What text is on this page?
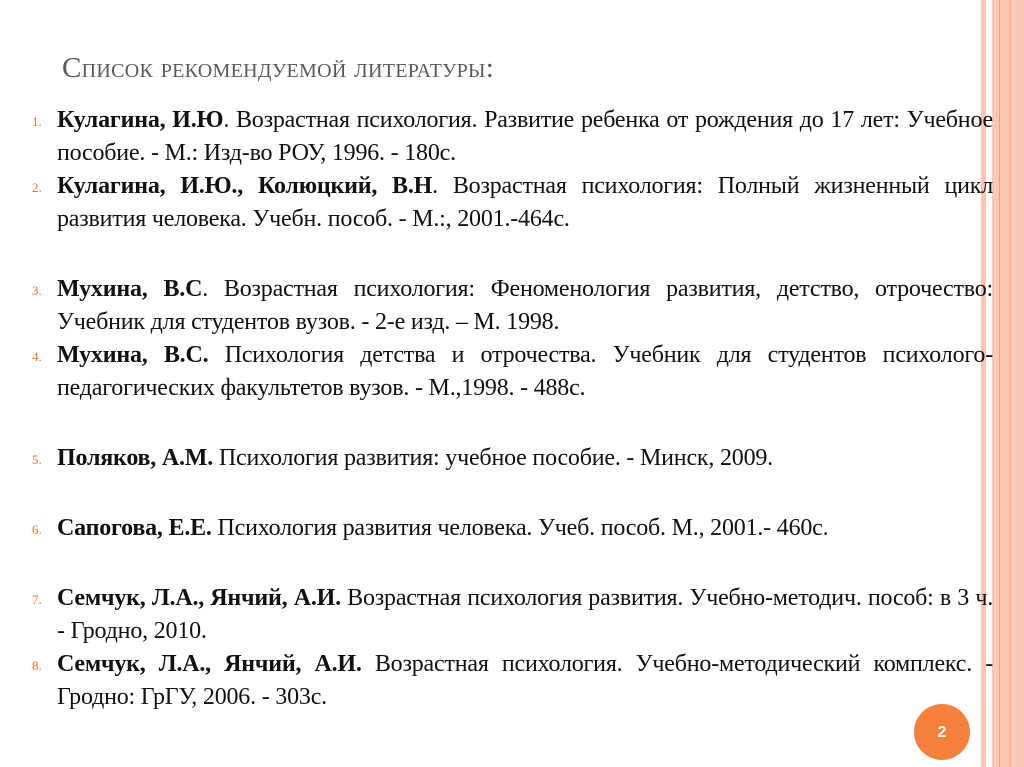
Список рекомендуемой литературы:
1. Кулагина, И.Ю. Возрастная психология. Развитие ребенка от рождения до 17 лет: Учебное пособие. - М.: Изд-во РОУ, 1996. - 180с.
2. Кулагина, И.Ю., Колюцкий, В.Н. Возрастная психология: Полный жизненный цикл развития человека. Учебн. пособ. - М.:, 2001.-464с.
3. Мухина, В.С. Возрастная психология: Феноменология развития, детство, отрочество: Учебник для студентов вузов. - 2-е изд. – М. 1998.
4. Мухина, В.С. Психология детства и отрочества. Учебник для студентов психолого-педагогических факультетов вузов. - М.,1998. - 488с.
5. Поляков, А.М. Психология развития: учебное пособие. - Минск, 2009.
6. Сапогова, Е.Е. Психология развития человека. Учеб. пособ. М., 2001.- 460с.
7. Семчук, Л.А., Янчий, А.И. Возрастная психология развития. Учебно-методич. пособ: в 3 ч. - Гродно, 2010.
8. Семчук, Л.А., Янчий, А.И. Возрастная психология. Учебно-методический комплекс. - Гродно: ГрГУ, 2006. - 303с.
2
